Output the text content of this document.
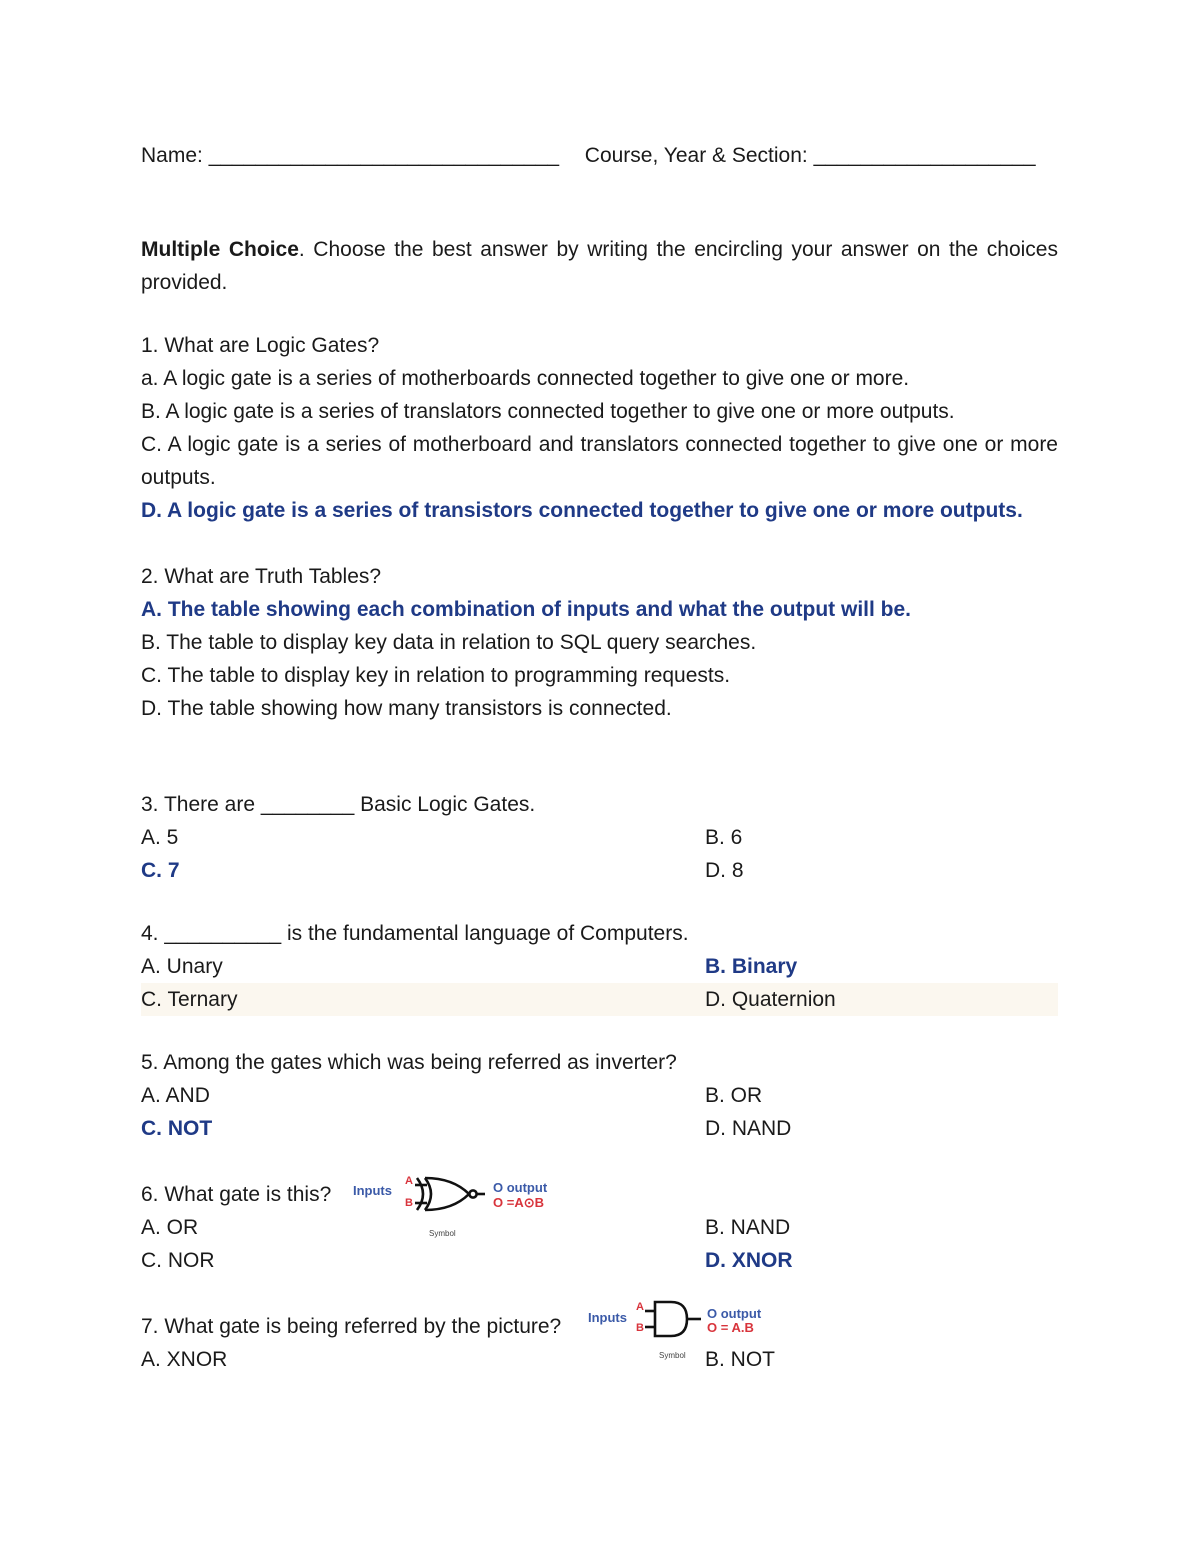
Name: ______________________________ Course, Year & Section: ___________________

Multiple Choice. Choose the best answer by writing the encircling your answer on the choices provided.

1. What are Logic Gates?

a. A logic gate is a series of motherboards connected together to give one or more.

B. A logic gate is a series of translators connected together to give one or more outputs.

C. A logic gate is a series of motherboard and translators connected together to give one or more outputs.

D. A logic gate is a series of transistors connected together to give one or more outputs.

2. What are Truth Tables?

A. The table showing each combination of inputs and what the output will be.

B. The table to display key data in relation to SQL query searches.

C. The table to display key in relation to programming requests.

D. The table showing how many transistors is connected.

3. There are ________ Basic Logic Gates.

A. 5	B. 6
C. 7	D. 8

4. __________ is the fundamental language of Computers.

A. Unary	B. Binary
C. Ternary	D. Quaternion

5. Among the gates which was being referred as inverter?

A. AND	B. OR
C. NOT	D. NAND
Inputs
A
B
O output
O =A⊙B
Symbol

6. What gate is this?

A. OR	B. NAND
C. NOR	D. XNOR
Inputs
A
B
O output
O = A.B
Symbol

7. What gate is being referred by the picture?

A. XNOR	B. NOT
